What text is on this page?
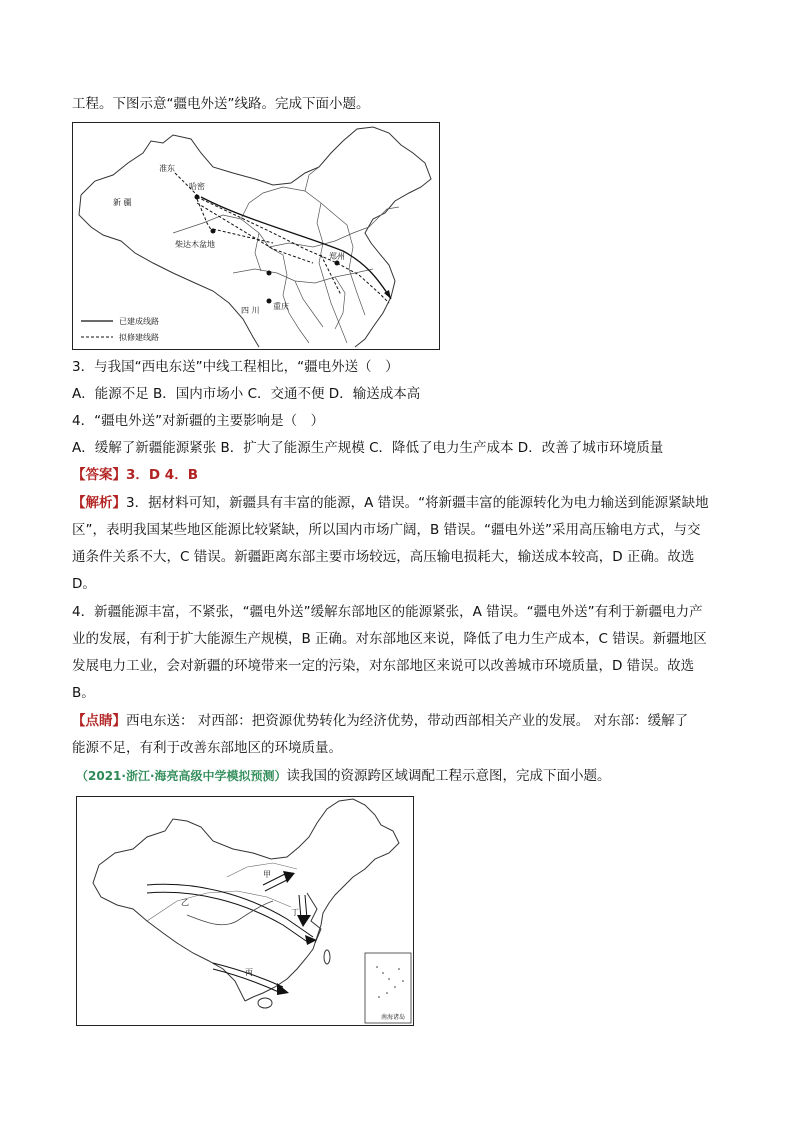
工程。下图示意“疆电外送”线路。完成下面小题。
准东
哈密
新 疆
柴达木盆地
郑州
四 川 重庆
已建成线路
拟修建线路
3．与我国“西电东送”中线工程相比，“疆电外送（　）
A．能源不足 B．国内市场小 C．交通不便 D．输送成本高
4．“疆电外送”对新疆的主要影响是（　）
A．缓解了新疆能源紧张 B．扩大了能源生产规模 C．降低了电力生产成本 D．改善了城市环境质量
【答案】3．D 4．B
【解析】3．据材料可知，新疆具有丰富的能源，A 错误。“将新疆丰富的能源转化为电力输送到能源紧缺地
区”，表明我国某些地区能源比较紧缺，所以国内市场广阔，B 错误。“疆电外送”采用高压输电方式，与交
通条件关系不大，C 错误。新疆距离东部主要市场较远，高压输电损耗大，输送成本较高，D 正确。故选
D。
4．新疆能源丰富，不紧张，“疆电外送”缓解东部地区的能源紧张，A 错误。“疆电外送”有利于新疆电力产
业的发展，有利于扩大能源生产规模，B 正确。对东部地区来说，降低了电力生产成本，C 错误。新疆地区
发展电力工业，会对新疆的环境带来一定的污染，对东部地区来说可以改善城市环境质量，D 错误。故选
B。
【点睛】西电东送： 对西部：把资源优势转化为经济优势，带动西部相关产业的发展。 对东部：缓解了
能源不足，有利于改善东部地区的环境质量。
（2021·浙江·海亮高级中学模拟预测）读我国的资源跨区域调配工程示意图，完成下面小题。
甲
乙
丙
丁
南海诸岛
